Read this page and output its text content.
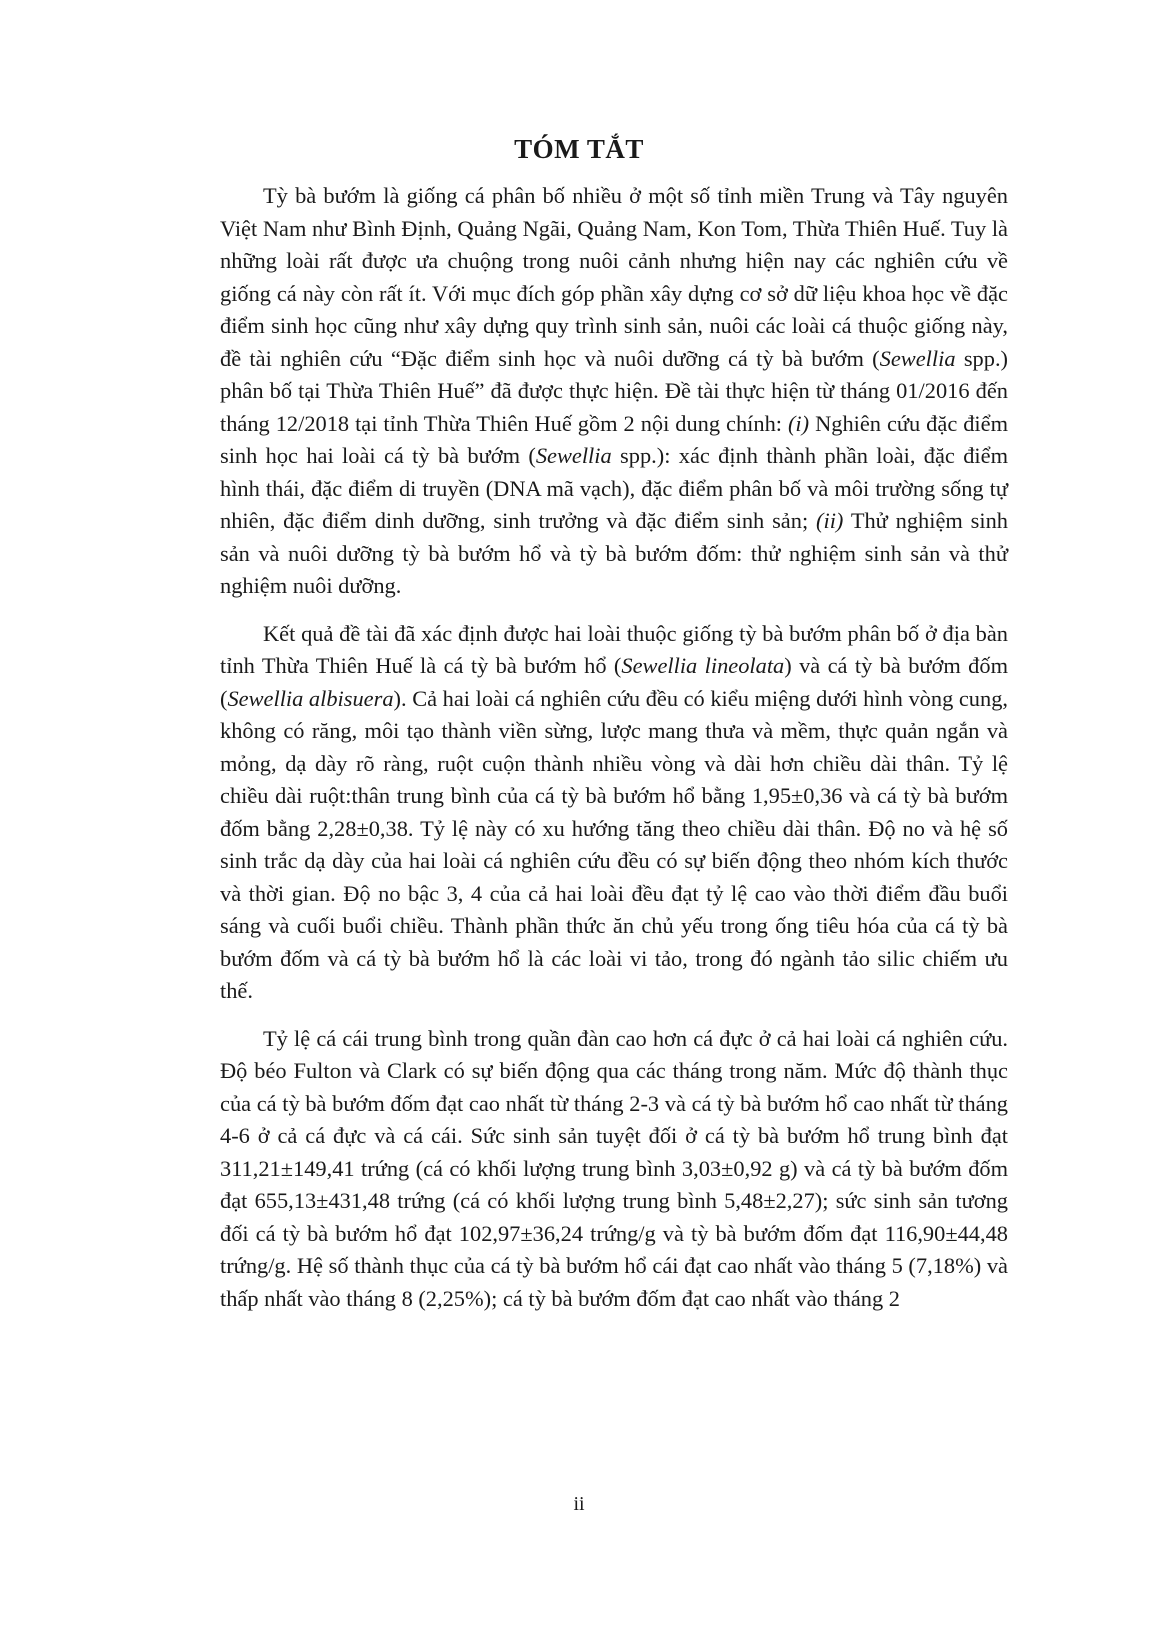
TÓM TẮT

Tỳ bà bướm là giống cá phân bố nhiều ở một số tỉnh miền Trung và Tây nguyên Việt Nam như Bình Định, Quảng Ngãi, Quảng Nam, Kon Tom, Thừa Thiên Huế. Tuy là những loài rất được ưa chuộng trong nuôi cảnh nhưng hiện nay các nghiên cứu về giống cá này còn rất ít. Với mục đích góp phần xây dựng cơ sở dữ liệu khoa học về đặc điểm sinh học cũng như xây dựng quy trình sinh sản, nuôi các loài cá thuộc giống này, đề tài nghiên cứu “Đặc điểm sinh học và nuôi dưỡng cá tỳ bà bướm (Sewellia spp.) phân bố tại Thừa Thiên Huế” đã được thực hiện. Đề tài thực hiện từ tháng 01/2016 đến tháng 12/2018 tại tỉnh Thừa Thiên Huế gồm 2 nội dung chính: (i) Nghiên cứu đặc điểm sinh học hai loài cá tỳ bà bướm (Sewellia spp.): xác định thành phần loài, đặc điểm hình thái, đặc điểm di truyền (DNA mã vạch), đặc điểm phân bố và môi trường sống tự nhiên, đặc điểm dinh dưỡng, sinh trưởng và đặc điểm sinh sản; (ii) Thử nghiệm sinh sản và nuôi dưỡng tỳ bà bướm hổ và tỳ bà bướm đốm: thử nghiệm sinh sản và thử nghiệm nuôi dưỡng.

Kết quả đề tài đã xác định được hai loài thuộc giống tỳ bà bướm phân bố ở địa bàn tỉnh Thừa Thiên Huế là cá tỳ bà bướm hổ (Sewellia lineolata) và cá tỳ bà bướm đốm (Sewellia albisuera). Cả hai loài cá nghiên cứu đều có kiểu miệng dưới hình vòng cung, không có răng, môi tạo thành viền sừng, lược mang thưa và mềm, thực quản ngắn và mỏng, dạ dày rõ ràng, ruột cuộn thành nhiều vòng và dài hơn chiều dài thân. Tỷ lệ chiều dài ruột:thân trung bình của cá tỳ bà bướm hổ bằng 1,95±0,36 và cá tỳ bà bướm đốm bằng 2,28±0,38. Tỷ lệ này có xu hướng tăng theo chiều dài thân. Độ no và hệ số sinh trắc dạ dày của hai loài cá nghiên cứu đều có sự biến động theo nhóm kích thước và thời gian. Độ no bậc 3, 4 của cả hai loài đều đạt tỷ lệ cao vào thời điểm đầu buổi sáng và cuối buổi chiều. Thành phần thức ăn chủ yếu trong ống tiêu hóa của cá tỳ bà bướm đốm và cá tỳ bà bướm hổ là các loài vi tảo, trong đó ngành tảo silic chiếm ưu thế.

Tỷ lệ cá cái trung bình trong quần đàn cao hơn cá đực ở cả hai loài cá nghiên cứu. Độ béo Fulton và Clark có sự biến động qua các tháng trong năm. Mức độ thành thục của cá tỳ bà bướm đốm đạt cao nhất từ tháng 2-3 và cá tỳ bà bướm hổ cao nhất từ tháng 4-6 ở cả cá đực và cá cái. Sức sinh sản tuyệt đối ở cá tỳ bà bướm hổ trung bình đạt 311,21±149,41 trứng (cá có khối lượng trung bình 3,03±0,92 g) và cá tỳ bà bướm đốm đạt 655,13±431,48 trứng (cá có khối lượng trung bình 5,48±2,27); sức sinh sản tương đối cá tỳ bà bướm hổ đạt 102,97±36,24 trứng/g và tỳ bà bướm đốm đạt 116,90±44,48 trứng/g. Hệ số thành thục của cá tỳ bà bướm hổ cái đạt cao nhất vào tháng 5 (7,18%) và thấp nhất vào tháng 8 (2,25%); cá tỳ bà bướm đốm đạt cao nhất vào tháng 2

ii
